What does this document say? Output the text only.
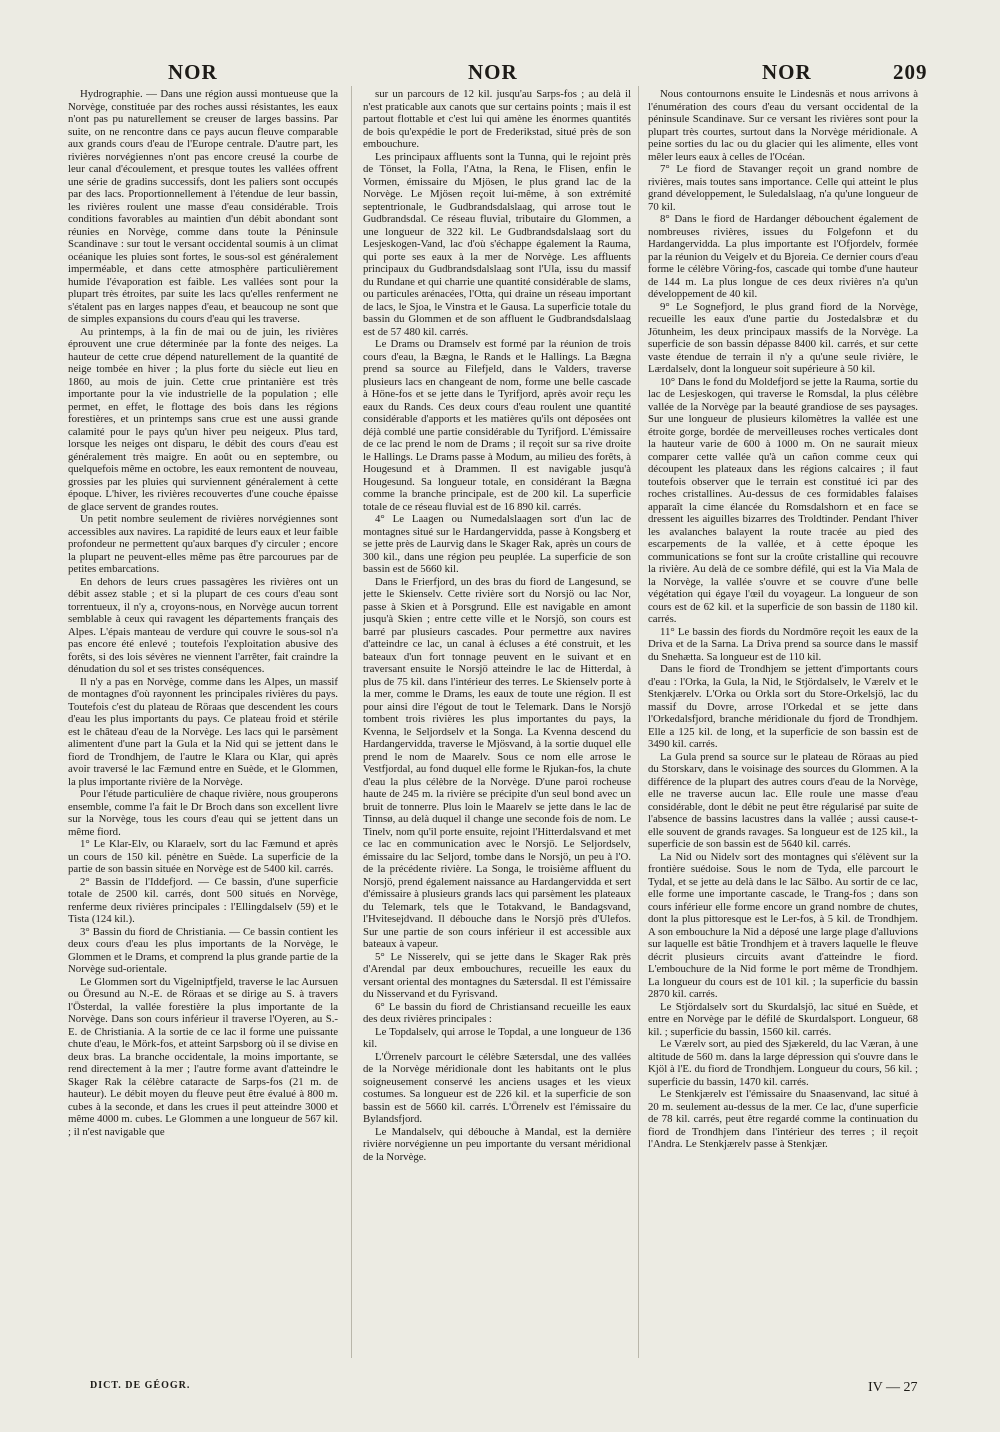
NOR	NOR	NOR	209

Hydrographie. — Dans une région aussi montueuse que la Norvège, constituée par des roches aussi résistantes, les eaux n'ont pas pu naturellement se creuser de larges bassins. Par suite, on ne rencontre dans ce pays aucun fleuve comparable aux grands cours d'eau de l'Europe centrale. D'autre part, les rivières norvégiennes n'ont pas encore creusé la courbe de leur canal d'écoulement, et presque toutes les vallées offrent une série de gradins successifs, dont les paliers sont occupés par des lacs. Proportionnellement à l'étendue de leur bassin, les rivières roulent une masse d'eau considérable. Trois conditions favorables au maintien d'un débit abondant sont réunies en Norvège, comme dans toute la Péninsule Scandinave : sur tout le versant occidental soumis à un climat océanique les pluies sont fortes, le sous-sol est généralement imperméable, et dans cette atmosphère particulièrement humide l'évaporation est faible. Les vallées sont pour la plupart très étroites, par suite les lacs qu'elles renferment ne s'étalent pas en larges nappes d'eau, et beaucoup ne sont que de simples expansions du cours d'eau qui les traverse.

Au printemps, à la fin de mai ou de juin, les rivières éprouvent une crue déterminée par la fonte des neiges. La hauteur de cette crue dépend naturellement de la quantité de neige tombée en hiver ; la plus forte du siècle eut lieu en 1860, au mois de juin. Cette crue printanière est très importante pour la vie industrielle de la population ; elle permet, en effet, le flottage des bois dans les régions forestières, et un printemps sans crue est une aussi grande calamité pour le pays qu'un hiver peu neigeux. Plus tard, lorsque les neiges ont disparu, le débit des cours d'eau est généralement très maigre. En août ou en septembre, ou quelquefois même en octobre, les eaux remontent de nouveau, grossies par les pluies qui surviennent généralement à cette époque. L'hiver, les rivières recouvertes d'une couche épaisse de glace servent de grandes routes.

Un petit nombre seulement de rivières norvégiennes sont accessibles aux navires. La rapidité de leurs eaux et leur faible profondeur ne permettent qu'aux barques d'y circuler ; encore la plupart ne peuvent-elles même pas être parcourues par de petites embarcations.

En dehors de leurs crues passagères les rivières ont un débit assez stable ; et si la plupart de ces cours d'eau sont torrentueux, il n'y a, croyons-nous, en Norvège aucun torrent semblable à ceux qui ravagent les départements français des Alpes. L'épais manteau de verdure qui couvre le sous-sol n'a pas encore été enlevé ; toutefois l'exploitation abusive des forêts, si des lois sévères ne viennent l'arrêter, fait craindre la dénudation du sol et ses tristes conséquences.

Il n'y a pas en Norvège, comme dans les Alpes, un massif de montagnes d'où rayonnent les principales rivières du pays. Toutefois c'est du plateau de Röraas que descendent les cours d'eau les plus importants du pays. Ce plateau froid et stérile est le château d'eau de la Norvège. Les lacs qui le parsèment alimentent d'une part la Gula et la Nid qui se jettent dans le fiord de Trondhjem, de l'autre le Klara ou Klar, qui après avoir traversé le lac Fæmund entre en Suède, et le Glommen, la plus importante rivière de la Norvège.

Pour l'étude particulière de chaque rivière, nous grouperons ensemble, comme l'a fait le Dr Broch dans son excellent livre sur la Norvège, tous les cours d'eau qui se jettent dans un même fiord.

1° Le Klar-Elv, ou Klaraelv, sort du lac Fæmund et après un cours de 150 kil. pénètre en Suède. La superficie de la partie de son bassin située en Norvège est de 5400 kil. carrés.

2° Bassin de l'Iddefjord. — Ce bassin, d'une superficie totale de 2500 kil. carrés, dont 500 situés en Norvège, renferme deux rivières principales : l'Ellingdalselv (59) et le Tista (124 kil.).

3° Bassin du fiord de Christiania. — Ce bassin contient les deux cours d'eau les plus importants de la Norvège, le Glommen et le Drams, et comprend la plus grande partie de la Norvège sud-orientale.

Le Glommen sort du Vigelniptfjeld, traverse le lac Aursuen ou Öresund au N.-E. de Röraas et se dirige au S. à travers l'Österdal, la vallée forestière la plus importante de la Norvège. Dans son cours inférieur il traverse l'Oyeren, au S.-E. de Christiania. A la sortie de ce lac il forme une puissante chute d'eau, le Mörk-fos, et atteint Sarpsborg où il se divise en deux bras. La branche occidentale, la moins importante, se rend directement à la mer ; l'autre forme avant d'atteindre le Skager Rak la célèbre cataracte de Sarps-fos (21 m. de hauteur). Le débit moyen du fleuve peut être évalué à 800 m. cubes à la seconde, et dans les crues il peut atteindre 3000 et même 4000 m. cubes. Le Glommen a une longueur de 567 kil. ; il n'est navigable que

sur un parcours de 12 kil. jusqu'au Sarps-fos ; au delà il n'est praticable aux canots que sur certains points ; mais il est partout flottable et c'est lui qui amène les énormes quantités de bois qu'expédie le port de Frederikstad, situé près de son embouchure.

Les principaux affluents sont la Tunna, qui le rejoint près de Tönset, la Folla, l'Atna, la Rena, le Flisen, enfin le Vormen, émissaire du Mjösen, le plus grand lac de la Norvège. Le Mjösen reçoit lui-même, à son extrémité septentrionale, le Gudbrandsdalslaag, qui arrose tout le Gudbrandsdal. Ce réseau fluvial, tributaire du Glommen, a une longueur de 322 kil. Le Gudbrandsdalslaag sort du Lesjeskogen-Vand, lac d'où s'échappe également la Rauma, qui porte ses eaux à la mer de Norvège. Les affluents principaux du Gudbrandsdalslaag sont l'Ula, issu du massif du Rundane et qui charrie une quantité considérable de slams, ou particules arénacées, l'Otta, qui draine un réseau important de lacs, le Sjoa, le Vinstra et le Gausa. La superficie totale du bassin du Glommen et de son affluent le Gudbrandsdalslaag est de 57 480 kil. carrés.

Le Drams ou Dramselv est formé par la réunion de trois cours d'eau, la Bægna, le Rands et le Hallings. La Bægna prend sa source au Filefjeld, dans le Valders, traverse plusieurs lacs en changeant de nom, forme une belle cascade à Höne-fos et se jette dans le Tyrifjord, après avoir reçu les eaux du Rands. Ces deux cours d'eau roulent une quantité considérable d'apports et les matières qu'ils ont déposées ont déjà comblé une partie considérable du Tyrifjord. L'émissaire de ce lac prend le nom de Drams ; il reçoit sur sa rive droite le Hallings. Le Drams passe à Modum, au milieu des forêts, à Hougesund et à Drammen. Il est navigable jusqu'à Hougesund. Sa longueur totale, en considérant la Bægna comme la branche principale, est de 200 kil. La superficie totale de ce réseau fluvial est de 16 890 kil. carrés.

4° Le Laagen ou Numedalslaagen sort d'un lac de montagnes situé sur le Hardangervidda, passe à Kongsberg et se jette près de Laurvig dans le Skager Rak, après un cours de 300 kil., dans une région peu peuplée. La superficie de son bassin est de 5660 kil.

Dans le Frierfjord, un des bras du fiord de Langesund, se jette le Skienselv. Cette rivière sort du Norsjö ou lac Nor, passe à Skien et à Porsgrund. Elle est navigable en amont jusqu'à Skien ; entre cette ville et le Norsjö, son cours est barré par plusieurs cascades. Pour permettre aux navires d'atteindre ce lac, un canal à écluses a été construit, et les bateaux d'un fort tonnage peuvent en le suivant et en traversant ensuite le Norsjö atteindre le lac de Hitterdal, à plus de 75 kil. dans l'intérieur des terres. Le Skienselv porte à la mer, comme le Drams, les eaux de toute une région. Il est pour ainsi dire l'égout de tout le Telemark. Dans le Norsjö tombent trois rivières les plus importantes du pays, la Kvenna, le Seljordselv et la Songa. La Kvenna descend du Hardangervidda, traverse le Mjösvand, à la sortie duquel elle prend le nom de Maarelv. Sous ce nom elle arrose le Vestfjordal, au fond duquel elle forme le Rjukan-fos, la chute d'eau la plus célèbre de la Norvège. D'une paroi rocheuse haute de 245 m. la rivière se précipite d'un seul bond avec un bruit de tonnerre. Plus loin le Maarelv se jette dans le lac de Tinnsø, au delà duquel il change une seconde fois de nom. Le Tinelv, nom qu'il porte ensuite, rejoint l'Hitterdalsvand et met ce lac en communication avec le Norsjö. Le Seljordselv, émissaire du lac Seljord, tombe dans le Norsjö, un peu à l'O. de la précédente rivière. La Songa, le troisième affluent du Norsjö, prend également naissance au Hardangervidda et sert d'émissaire à plusieurs grands lacs qui parsèment les plateaux du Telemark, tels que le Totakvand, le Bandagsvand, l'Hvitesejdvand. Il débouche dans le Norsjö près d'Ulefos. Sur une partie de son cours inférieur il est accessible aux bateaux à vapeur.

5° Le Nisserelv, qui se jette dans le Skager Rak près d'Arendal par deux embouchures, recueille les eaux du versant oriental des montagnes du Sætersdal. Il est l'émissaire du Nisservand et du Fyrisvand.

6° Le bassin du fiord de Christiansand recueille les eaux des deux rivières principales :

Le Topdalselv, qui arrose le Topdal, a une longueur de 136 kil.

L'Örrenelv parcourt le célèbre Sætersdal, une des vallées de la Norvège méridionale dont les habitants ont le plus soigneusement conservé les anciens usages et les vieux costumes. Sa longueur est de 226 kil. et la superficie de son bassin est de 5660 kil. carrés. L'Örrenelv est l'émissaire du Bylandsfjord.

Le Mandalselv, qui débouche à Mandal, est la dernière rivière norvégienne un peu importante du versant méridional de la Norvège.

Nous contournons ensuite le Lindesnäs et nous arrivons à l'énumération des cours d'eau du versant occidental de la péninsule Scandinave. Sur ce versant les rivières sont pour la plupart très courtes, surtout dans la Norvège méridionale. A peine sorties du lac ou du glacier qui les alimente, elles vont mêler leurs eaux à celles de l'Océan.

7° Le fiord de Stavanger reçoit un grand nombre de rivières, mais toutes sans importance. Celle qui atteint le plus grand développement, le Suledalslaag, n'a qu'une longueur de 70 kil.

8° Dans le fiord de Hardanger débouchent également de nombreuses rivières, issues du Folgefonn et du Hardangervidda. La plus importante est l'Ofjordelv, formée par la réunion du Veigelv et du Bjoreia. Ce dernier cours d'eau forme le célèbre Vöring-fos, cascade qui tombe d'une hauteur de 144 m. La plus longue de ces deux rivières n'a qu'un développement de 40 kil.

9° Le Sognefjord, le plus grand fiord de la Norvège, recueille les eaux d'une partie du Jostedalsbræ et du Jötunheim, les deux principaux massifs de la Norvège. La superficie de son bassin dépasse 8400 kil. carrés, et sur cette vaste étendue de terrain il n'y a qu'une seule rivière, le Lærdalselv, dont la longueur soit supérieure à 50 kil.

10° Dans le fond du Moldefjord se jette la Rauma, sortie du lac de Lesjeskogen, qui traverse le Romsdal, la plus célèbre vallée de la Norvège par la beauté grandiose de ses paysages. Sur une longueur de plusieurs kilomètres la vallée est une étroite gorge, bordée de merveilleuses roches verticales dont la hauteur varie de 600 à 1000 m. On ne saurait mieux comparer cette vallée qu'à un cañon comme ceux qui découpent les plateaux dans les régions calcaires ; il faut toutefois observer que le terrain est constitué ici par des roches cristallines. Au-dessus de ces formidables falaises apparaît la cime élancée du Romsdalshorn et en face se dressent les aiguilles bizarres des Troldtinder. Pendant l'hiver les avalanches balayent la route tracée au pied des escarpements de la vallée, et à cette époque les communications se font sur la croûte cristalline qui recouvre la rivière. Au delà de ce sombre défilé, qui est la Via Mala de la Norvège, la vallée s'ouvre et se couvre d'une belle végétation qui égaye l'œil du voyageur. La longueur de son cours est de 62 kil. et la superficie de son bassin de 1180 kil. carrés.

11° Le bassin des fiords du Nordmöre reçoit les eaux de la Driva et de la Sarna. La Driva prend sa source dans le massif du Snehætta. Sa longueur est de 110 kil.

Dans le fiord de Trondhjem se jettent d'importants cours d'eau : l'Orka, la Gula, la Nid, le Stjördalselv, le Værelv et le Stenkjærelv. L'Orka ou Orkla sort du Store-Orkelsjö, lac du massif du Dovre, arrose l'Orkedal et se jette dans l'Orkedalsfjord, branche méridionale du fjord de Trondhjem. Elle a 125 kil. de long, et la superficie de son bassin est de 3490 kil. carrés.

La Gula prend sa source sur le plateau de Röraas au pied du Storskarv, dans le voisinage des sources du Glommen. A la différence de la plupart des autres cours d'eau de la Norvège, elle ne traverse aucun lac. Elle roule une masse d'eau considérable, dont le débit ne peut être régularisé par suite de l'absence de bassins lacustres dans la vallée ; aussi cause-t-elle souvent de grands ravages. Sa longueur est de 125 kil., la superficie de son bassin est de 5640 kil. carrés.

La Nid ou Nidelv sort des montagnes qui s'élèvent sur la frontière suédoise. Sous le nom de Tyda, elle parcourt le Tydal, et se jette au delà dans le lac Sälbo. Au sortir de ce lac, elle forme une importante cascade, le Trang-fos ; dans son cours inférieur elle forme encore un grand nombre de chutes, dont la plus pittoresque est le Ler-fos, à 5 kil. de Trondhjem. A son embouchure la Nid a déposé une large plage d'alluvions sur laquelle est bâtie Trondhjem et à travers laquelle le fleuve décrit plusieurs circuits avant d'atteindre le fiord. L'embouchure de la Nid forme le port même de Trondhjem. La longueur du cours est de 101 kil. ; la superficie du bassin 2870 kil. carrés.

Le Stjördalselv sort du Skurdalsjö, lac situé en Suède, et entre en Norvège par le défilé de Skurdalsport. Longueur, 68 kil. ; superficie du bassin, 1560 kil. carrés.

Le Værelv sort, au pied des Sjækereld, du lac Væran, à une altitude de 560 m. dans la large dépression qui s'ouvre dans le Kjöl à l'E. du fiord de Trondhjem. Longueur du cours, 56 kil. ; superficie du bassin, 1470 kil. carrés.

Le Stenkjærelv est l'émissaire du Snaasenvand, lac situé à 20 m. seulement au-dessus de la mer. Ce lac, d'une superficie de 78 kil. carrés, peut être regardé comme la continuation du fiord de Trondhjem dans l'intérieur des terres ; il reçoit l'Andra. Le Stenkjærelv passe à Stenkjær.

DICT. DE GÉOGR.	IV — 27
